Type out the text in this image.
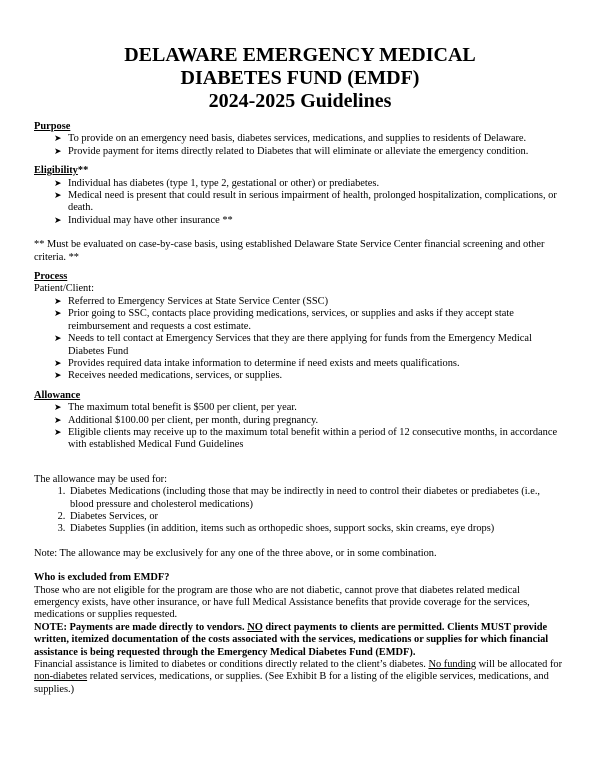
DELAWARE EMERGENCY MEDICAL

DIABETES FUND (EMDF)

2024-2025 Guidelines

Purpose
➤ To provide on an emergency need basis, diabetes services, medications, and supplies to residents of Delaware.
➤ Provide payment for items directly related to Diabetes that will eliminate or alleviate the emergency condition.
Eligibility**
➤ Individual has diabetes (type 1, type 2, gestational or other) or prediabetes.
➤ Medical need is present that could result in serious impairment of health, prolonged hospitalization, complications, or death.
➤ Individual may have other insurance **

** Must be evaluated on case-by-case basis, using established Delaware State Service Center financial screening and other criteria. **

Process

Patient/Client:

➤ Referred to Emergency Services at State Service Center (SSC)
➤ Prior going to SSC, contacts place providing medications, services, or supplies and asks if they accept state reimbursement and requests a cost estimate.
➤ Needs to tell contact at Emergency Services that they are there applying for funds from the Emergency Medical Diabetes Fund
➤ Provides required data intake information to determine if need exists and meets qualifications.
➤ Receives needed medications, services, or supplies.
Allowance
➤ The maximum total benefit is $500 per client, per year.
➤ Additional $100.00 per client, per month, during pregnancy.
➤ Eligible clients may receive up to the maximum total benefit within a period of 12 consecutive months, in accordance with established Medical Fund Guidelines

The allowance may be used for:

1. Diabetes Medications (including those that may be indirectly in need to control their diabetes or prediabetes (i.e., blood pressure and cholesterol medications)
2. Diabetes Services, or
3. Diabetes Supplies (in addition, items such as orthopedic shoes, support socks, skin creams, eye drops)

Note: The allowance may be exclusively for any one of the three above, or in some combination.

Who is excluded from EMDF?

Those who are not eligible for the program are those who are not diabetic, cannot prove that diabetes related medical emergency exists, have other insurance, or have full Medical Assistance benefits that provide coverage for the services, medications or supplies requested.

NOTE: Payments are made directly to vendors. NO direct payments to clients are permitted. Clients MUST provide written, itemized documentation of the costs associated with the services, medications or supplies for which financial assistance is being requested through the Emergency Medical Diabetes Fund (EMDF).

Financial assistance is limited to diabetes or conditions directly related to the client’s diabetes. No funding will be allocated for non-diabetes related services, medications, or supplies. (See Exhibit B for a listing of the eligible services, medications, and supplies.)
